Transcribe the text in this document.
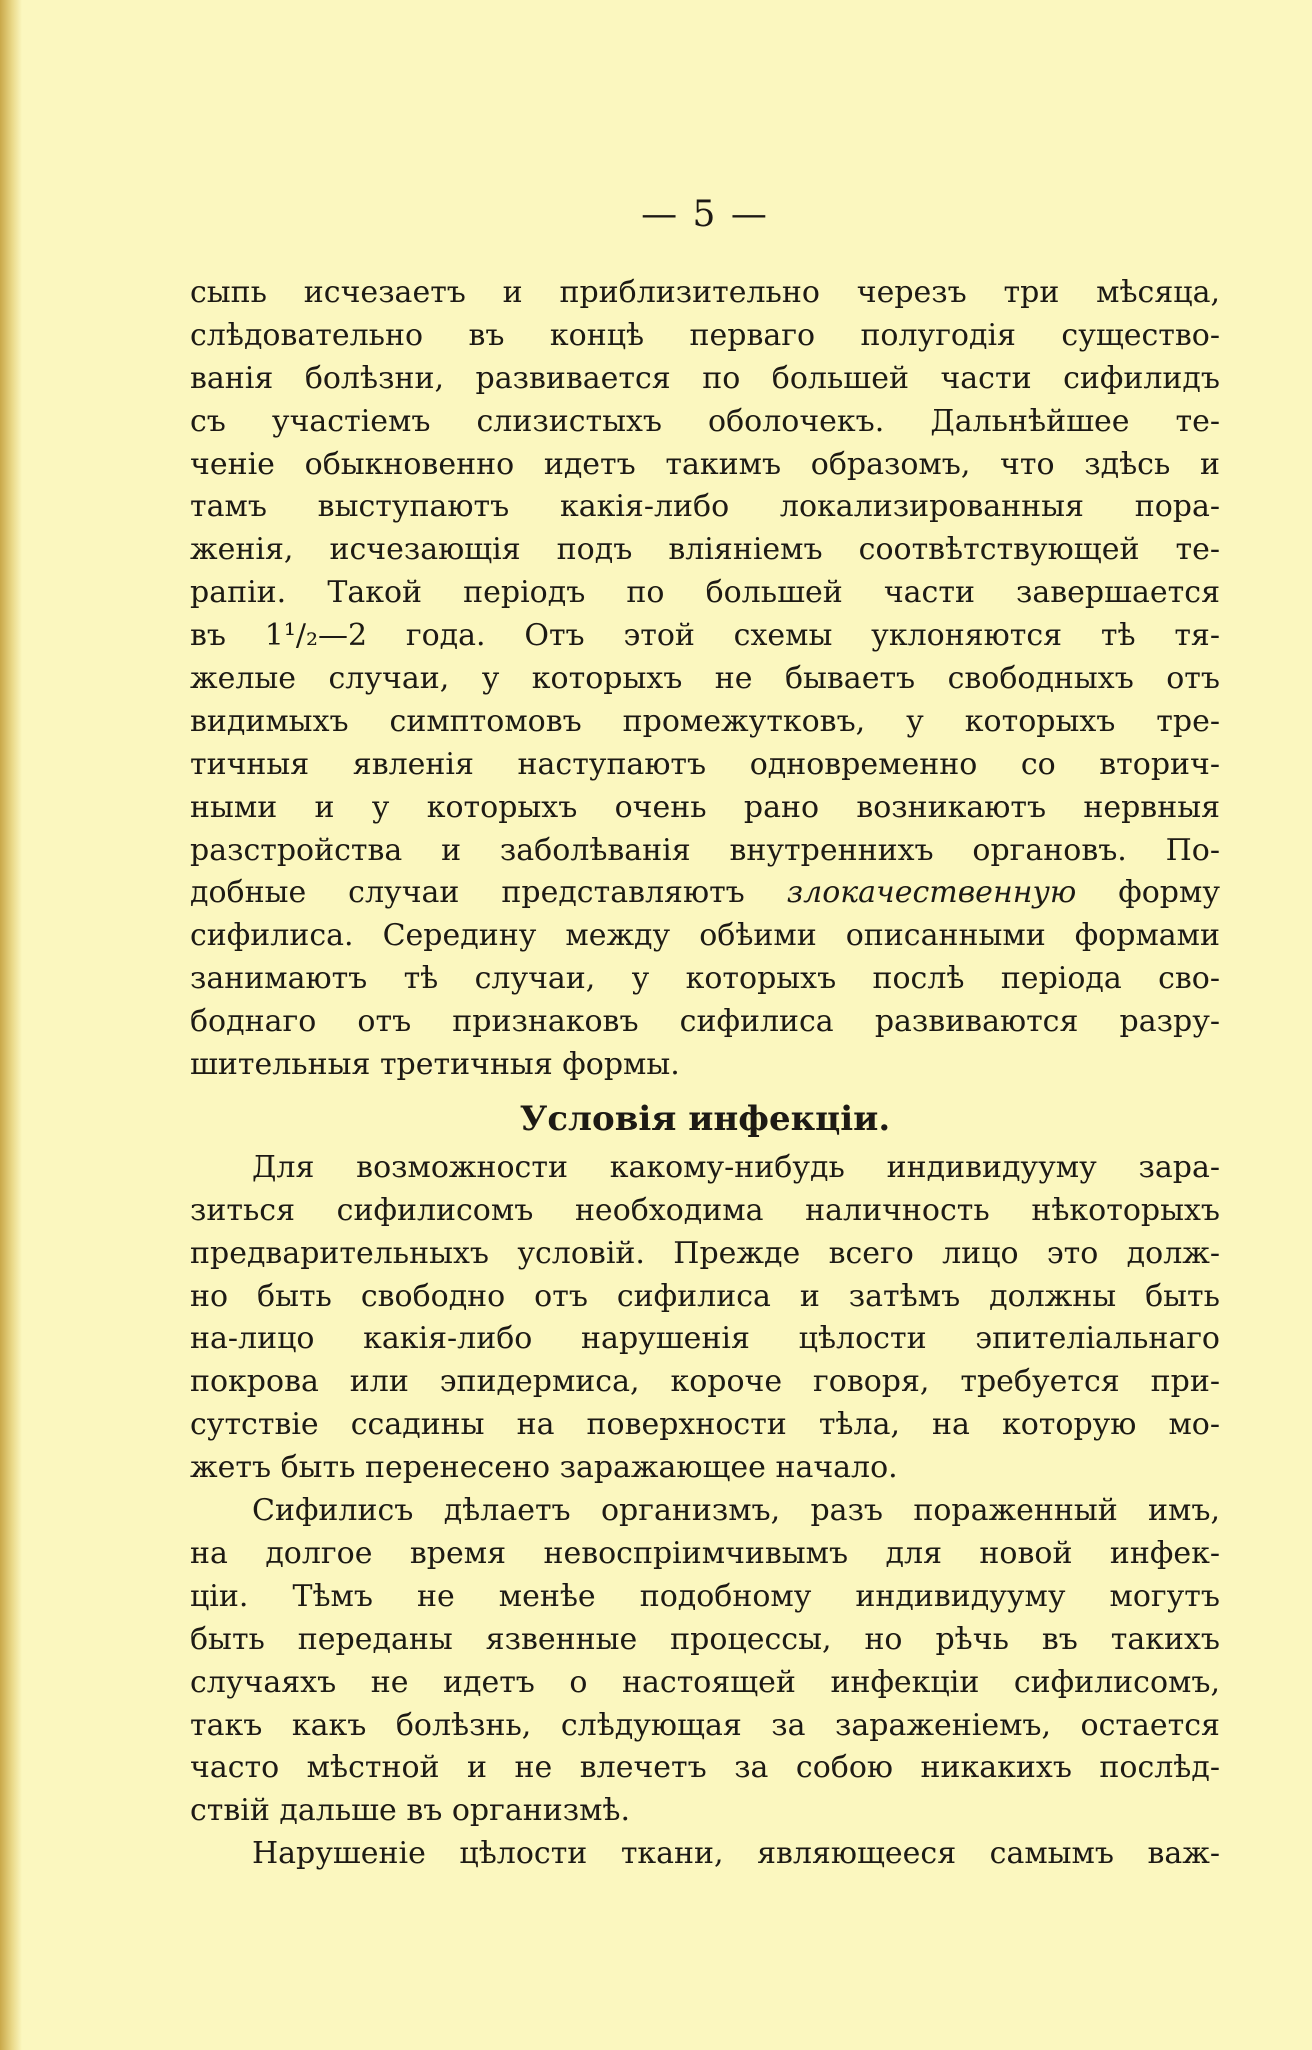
— 5 —
сыпь исчезаетъ и приблизительно черезъ три мѣсяца,
слѣдовательно въ концѣ перваго полугодія существо-
ванія болѣзни, развивается по большей части сифилидъ
съ участіемъ слизистыхъ оболочекъ. Дальнѣйшее те-
ченіе обыкновенно идетъ такимъ образомъ, что здѣсь и
тамъ выступаютъ какія-либо локализированныя пора-
женія, исчезающія подъ вліяніемъ соотвѣтствующей те-
рапіи. Такой періодъ по большей части завершается
въ 1¹/₂—2 года. Отъ этой схемы уклоняются тѣ тя-
желые случаи, у которыхъ не бываетъ свободныхъ отъ
видимыхъ симптомовъ промежутковъ, у которыхъ тре-
тичныя явленія наступаютъ одновременно со вторич-
ными и у которыхъ очень рано возникаютъ нервныя
разстройства и заболѣванія внутреннихъ органовъ. По-
добные случаи представляютъ злокачественную форму
сифилиса. Середину между обѣими описанными формами
занимаютъ тѣ случаи, у которыхъ послѣ періода сво-
боднаго отъ признаковъ сифилиса развиваются разру-
шительныя третичныя формы.
Условія инфекціи.
Для возможности какому-нибудь индивидууму зара-
зиться сифилисомъ необходима наличность нѣкоторыхъ
предварительныхъ условій. Прежде всего лицо это долж-
но быть свободно отъ сифилиса и затѣмъ должны быть
на-лицо какія-либо нарушенія цѣлости эпителіальнаго
покрова или эпидермиса, короче говоря, требуется при-
сутствіе ссадины на поверхности тѣла, на которую мо-
жетъ быть перенесено заражающее начало.
Сифилисъ дѣлаетъ организмъ, разъ пораженный имъ,
на долгое время невоспріимчивымъ для новой инфек-
ціи. Тѣмъ не менѣе подобному индивидууму могутъ
быть переданы язвенные процессы, но рѣчь въ такихъ
случаяхъ не идетъ о настоящей инфекціи сифилисомъ,
такъ какъ болѣзнь, слѣдующая за зараженіемъ, остается
часто мѣстной и не влечетъ за собою никакихъ послѣд-
ствій дальше въ организмѣ.
Нарушеніе цѣлости ткани, являющееся самымъ важ-
